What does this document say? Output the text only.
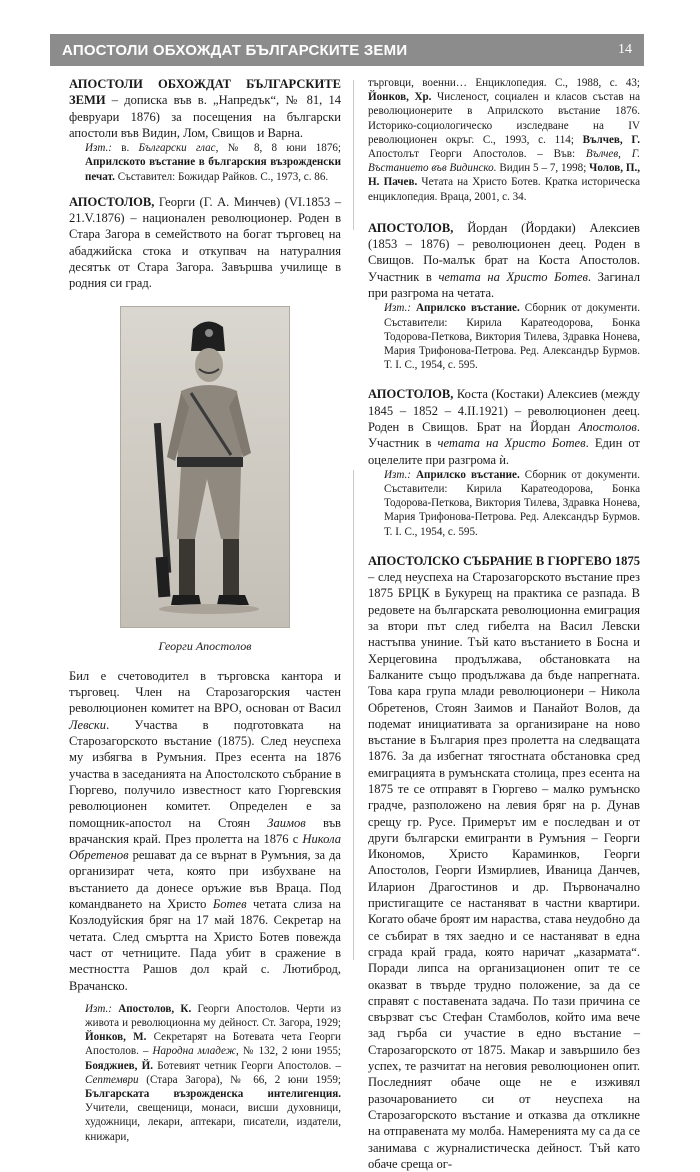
АПОСТОЛИ ОБХОЖДАТ БЪЛГАРСКИТЕ ЗЕМИ	14

АПОСТОЛИ ОБХОЖДАТ БЪЛГАРСКИТЕ ЗЕМИ – дописка във в. „Напредък“, № 81, 14 февруари 1876) за посещения на български апостоли във Видин, Лом, Свищов и Варна.

Изт.: в. Български глас, № 8, 8 юни 1876; Априлското въстание в българския възрожденски печат. Съставител: Божидар Райков. С., 1973, с. 86.

АПОСТОЛОВ, Георги (Г. А. Минчев) (VI.1853 – 21.V.1876) – национален революционер. Роден в Стара Загора в семейството на богат търговец на абаджийска стока и откупвач на натуралния десятък от Стара Загора. Завършва училище в родния си град.

Георги Апостолов

Бил е счетоводител в търговска кантора и търговец. Член на Старозагорския частен революционен комитет на ВРО, основан от Васил Левски. Участва в подготовката на Старозагорското въстание (1875). След неуспеха му избягва в Румъния. През есента на 1876 участва в заседанията на Апостолското събрание в Гюргево, получило известност като Гюргевския революционен комитет. Определен е за помощник-апостол на Стоян Заимов във врачанския край. През пролетта на 1876 с Никола Обретенов решават да се върнат в Румъния, за да организират чета, която при избухване на въстанието да донесе оръжие във Враца. Под командването на Христо Ботев четата слиза на Козлодуйския бряг на 17 май 1876. Секретар на четата. След смъртта на Христо Ботев повежда част от четниците. Пада убит в сражение в местността Рашов дол край с. Лютиброд, Врачанско.

Изт.: Апостолов, К. Георги Апостолов. Черти из живота и революционна му дейност. Ст. Загора, 1929; Йонков, М. Секретарят на Ботевата чета Георги Апостолов. – Народна младеж, № 132, 2 юни 1955; Бояджиев, Й. Ботевият четник Георги Апостолов. – Септември (Стара Загора), № 66, 2 юни 1959; Българската възрожденска интелигенция. Учители, свещеници, монаси, висши духовници, художници, лекари, аптекари, писатели, издатели, книжари,

търговци, военни… Енциклопедия. С., 1988, с. 43; Йонков, Хр. Численост, социален и класов състав на революционерите в Априлското въстание 1876. Историко-социологическо изследване на IV революционен окръг. С., 1993, с. 114; Вълчев, Г. Апостолът Георги Апостолов. – Във: Вълчев, Г. Въстанието във Видинско. Видин 5 – 7, 1998; Чолов, П., Н. Пачев. Четата на Христо Ботев. Кратка историческа енциклопедия. Враца, 2001, с. 34.

АПОСТОЛОВ, Йордан (Йордаки) Алексиев (1853 – 1876) – революционен деец. Роден в Свищов. По-малък брат на Коста Апостолов. Участник в четата на Христо Ботев. Загинал при разгрома на четата.

Изт.: Априлско въстание. Сборник от документи. Съставители: Кирила Каратеодорова, Бонка Тодорова-Петкова, Виктория Тилева, Здравка Нонева, Мария Трифонова-Петрова. Ред. Александър Бурмов. Т. I. С., 1954, с. 595.

АПОСТОЛОВ, Коста (Костаки) Алексиев (между 1845 – 1852 – 4.II.1921) – революционен деец. Роден в Свищов. Брат на Йордан Апостолов. Участник в четата на Христо Ботев. Един от оцелелите при разгрома ѝ.

Изт.: Априлско въстание. Сборник от документи. Съставители: Кирила Каратеодорова, Бонка Тодорова-Петкова, Виктория Тилева, Здравка Нонева, Мария Трифонова-Петрова. Ред. Александър Бурмов. Т. I. С., 1954, с. 595.

АПОСТОЛСКО СЪБРАНИЕ В ГЮРГЕВО 1875 – след неуспеха на Старозагорското въстание през 1875 БРЦК в Букурещ на практика се разпада. В редовете на българската революционна емиграция за втори път след гибелта на Васил Левски настъпва униние. Тъй като въстанието в Босна и Херцеговина продължава, обстановката на Балканите също продължава да бъде напрегната. Това кара група млади революционери – Никола Обретенов, Стоян Заимов и Панайот Волов, да подемат инициативата за организиране на ново въстание в България през пролетта на следващата 1876. За да избегнат тягостната обстановка сред емиграцията в румънската столица, през есента на 1875 те се отправят в Гюргево – малко румънско градче, разположено на левия бряг на р. Дунав срещу гр. Русе. Примерът им е последван и от други български емигранти в Румъния – Георги Икономов, Христо Караминков, Георги Апостолов, Георги Измирлиев, Иваница Данчев, Иларион Драгостинов и др. Първоначално пристигащите се настаняват в частни квартири. Когато обаче броят им нараства, става неудобно да се събират в тях заедно и се настаняват в една сграда край града, която наричат „казармата“. Поради липса на организационен опит те се оказват в твърде трудно положение, за да се справят с поставената задача. По тази причина се свързват със Стефан Стамболов, който има вече зад гърба си участие в едно въстание – Старозагорското от 1875. Макар и завършило без успех, те разчитат на неговия революционен опит. Последният обаче още не е изживял разочарованието си от неуспеха на Старозагорското въстание и отказва да откликне на отправената му молба. Намеренията му са да се занимава с журналистическа дейност. Тъй като обаче среща ог-
